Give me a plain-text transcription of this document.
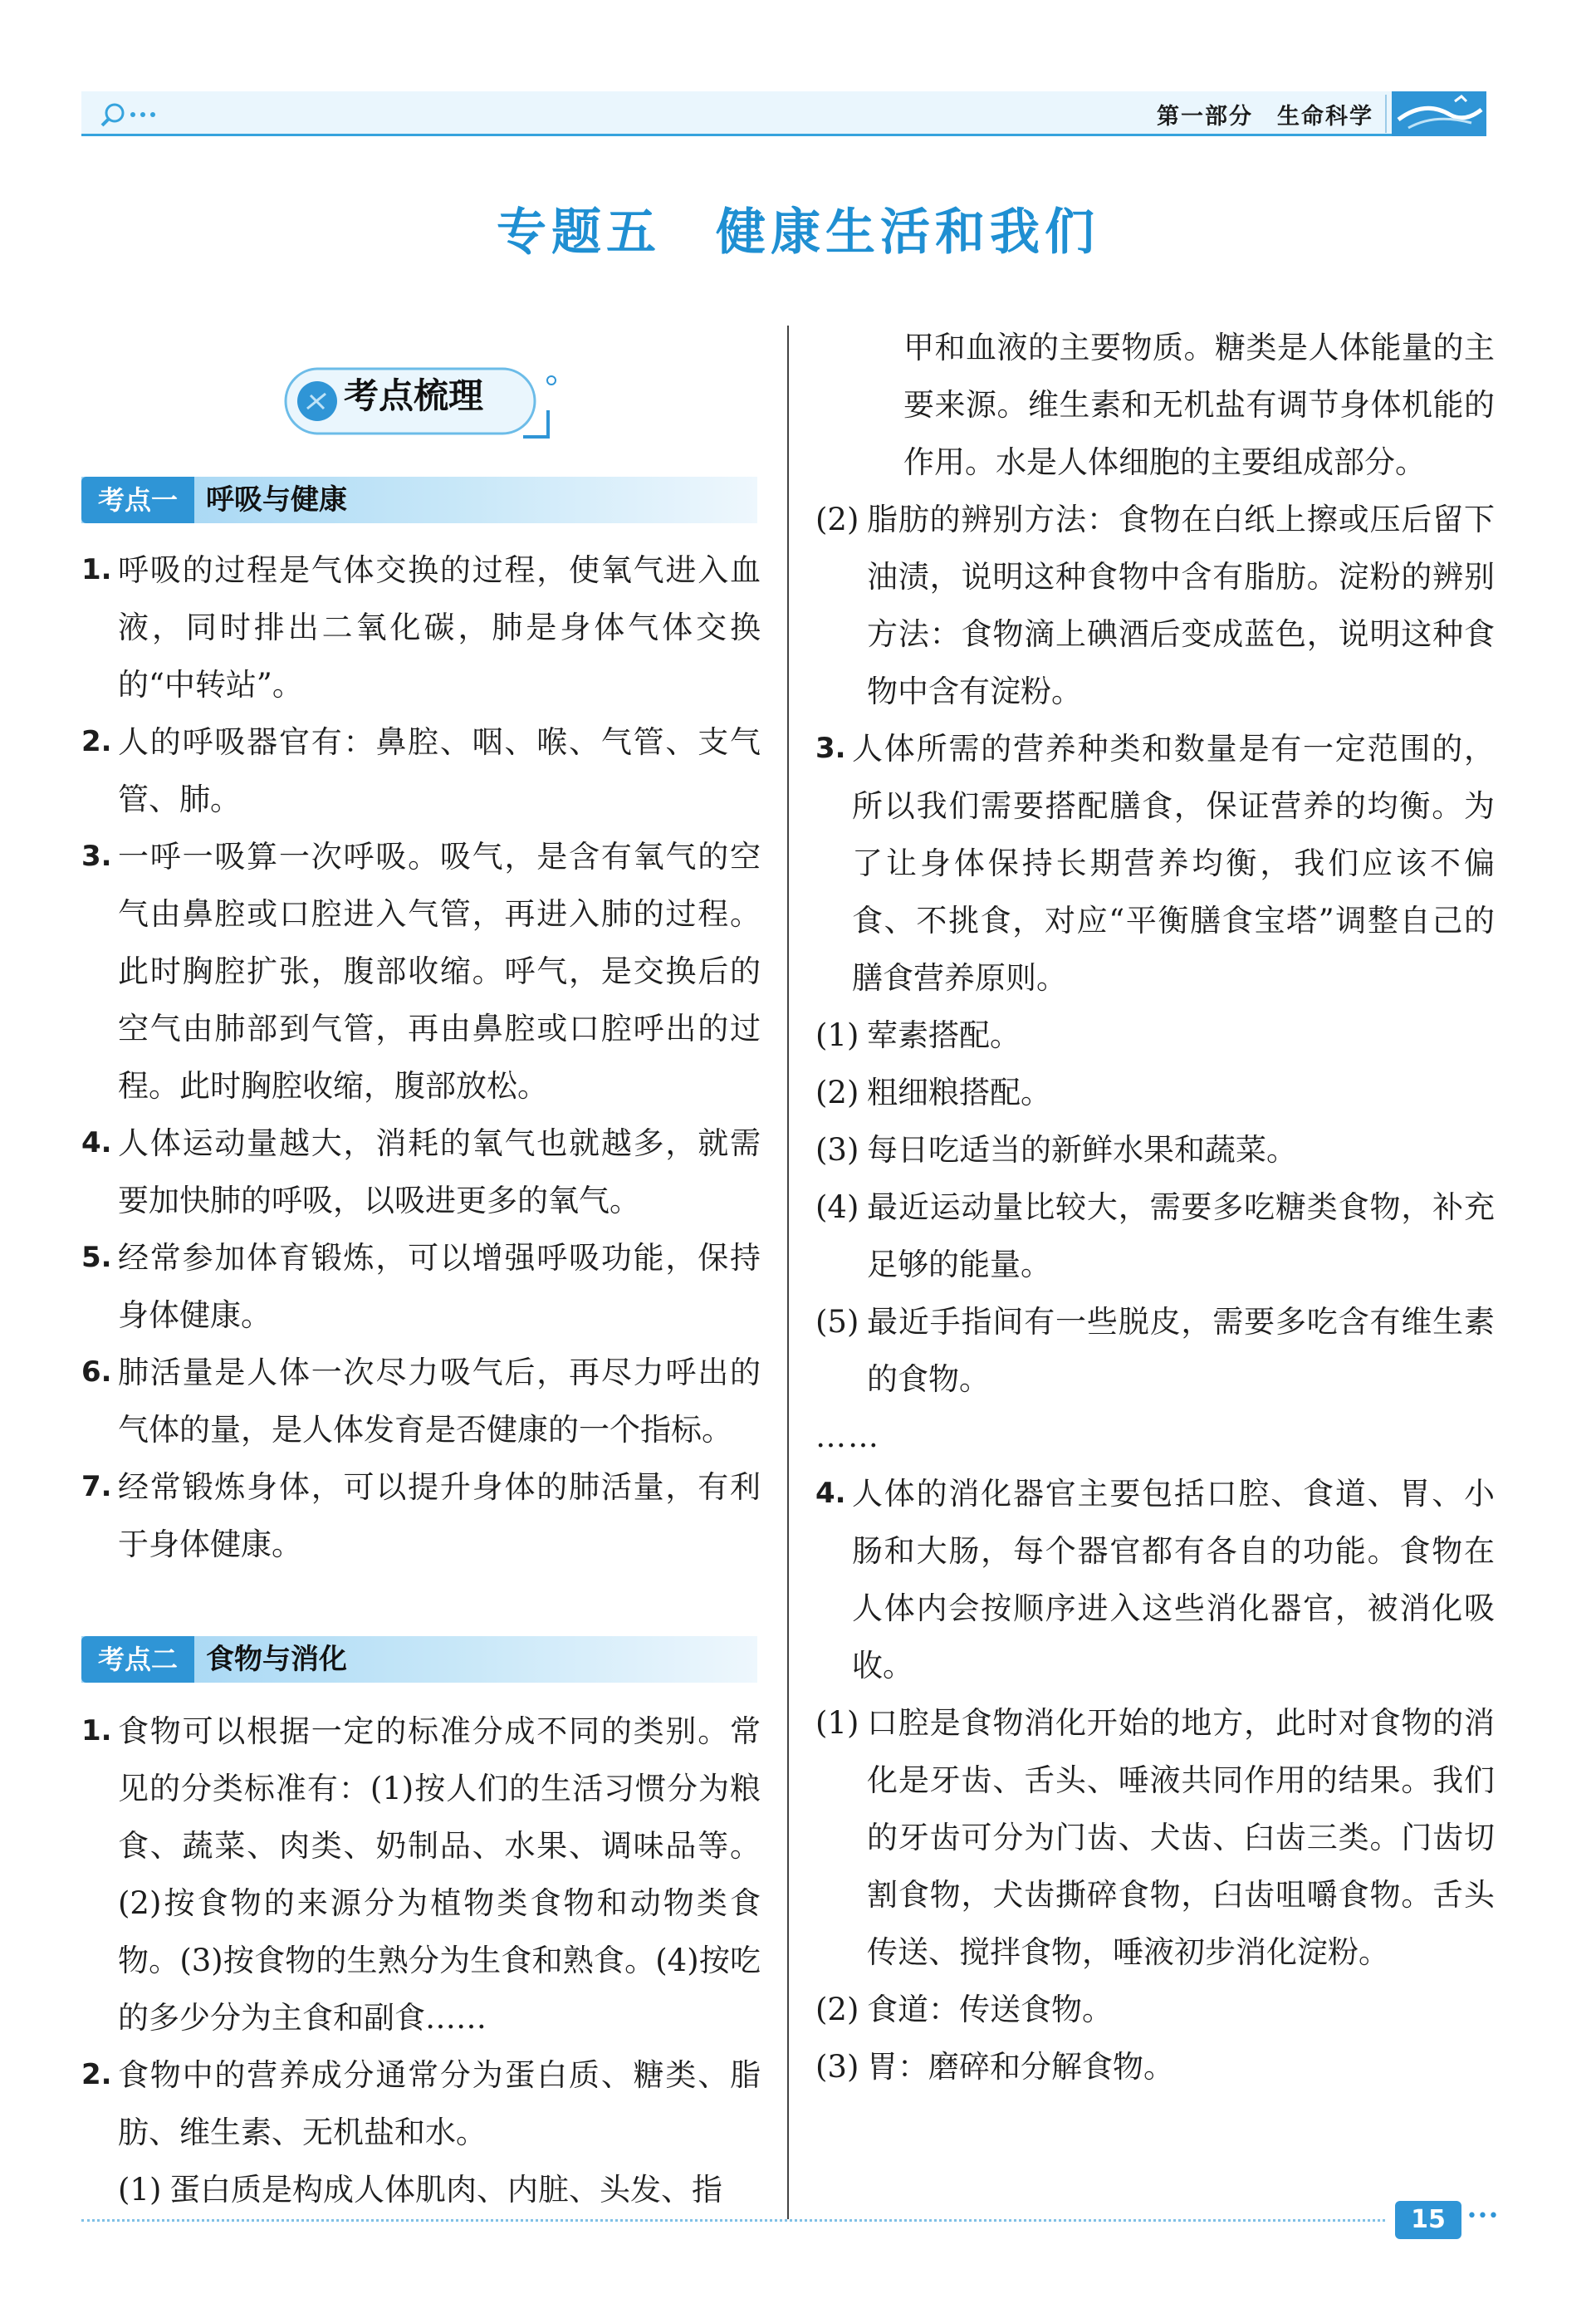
第一部分　生命科学
专题五　健康生活和我们
考点梳理
考点一	呼吸与健康
1. 呼吸的过程是气体交换的过程，使氧气进入血液，同时排出二氧化碳，肺是身体气体交换的“中转站”。
2. 人的呼吸器官有：鼻腔、咽、喉、气管、支气管、肺。
3. 一呼一吸算一次呼吸。吸气，是含有氧气的空气由鼻腔或口腔进入气管，再进入肺的过程。此时胸腔扩张，腹部收缩。呼气，是交换后的空气由肺部到气管，再由鼻腔或口腔呼出的过程。此时胸腔收缩，腹部放松。
4. 人体运动量越大，消耗的氧气也就越多，就需要加快肺的呼吸，以吸进更多的氧气。
5. 经常参加体育锻炼，可以增强呼吸功能，保持身体健康。
6. 肺活量是人体一次尽力吸气后，再尽力呼出的气体的量，是人体发育是否健康的一个指标。
7. 经常锻炼身体，可以提升身体的肺活量，有利于身体健康。
考点二	食物与消化
1. 食物可以根据一定的标准分成不同的类别。常见的分类标准有：(1)按人们的生活习惯分为粮食、蔬菜、肉类、奶制品、水果、调味品等。(2)按食物的来源分为植物类食物和动物类食物。(3)按食物的生熟分为生食和熟食。(4)按吃的多少分为主食和副食……
2. 食物中的营养成分通常分为蛋白质、糖类、脂肪、维生素、无机盐和水。
(1) 蛋白质是构成人体肌肉、内脏、头发、指
甲和血液的主要物质。糖类是人体能量的主要来源。维生素和无机盐有调节身体机能的作用。水是人体细胞的主要组成部分。
(2) 脂肪的辨别方法：食物在白纸上擦或压后留下油渍，说明这种食物中含有脂肪。淀粉的辨别方法：食物滴上碘酒后变成蓝色，说明这种食物中含有淀粉。
3. 人体所需的营养种类和数量是有一定范围的，所以我们需要搭配膳食，保证营养的均衡。为了让身体保持长期营养均衡，我们应该不偏食、不挑食，对应“平衡膳食宝塔”调整自己的膳食营养原则。
(1) 荤素搭配。
(2) 粗细粮搭配。
(3) 每日吃适当的新鲜水果和蔬菜。
(4) 最近运动量比较大，需要多吃糖类食物，补充足够的能量。
(5) 最近手指间有一些脱皮，需要多吃含有维生素的食物。
……
4. 人体的消化器官主要包括口腔、食道、胃、小肠和大肠，每个器官都有各自的功能。食物在人体内会按顺序进入这些消化器官，被消化吸收。
(1) 口腔是食物消化开始的地方，此时对食物的消化是牙齿、舌头、唾液共同作用的结果。我们的牙齿可分为门齿、犬齿、臼齿三类。门齿切割食物，犬齿撕碎食物，臼齿咀嚼食物。舌头传送、搅拌食物，唾液初步消化淀粉。
(2) 食道：传送食物。
(3) 胃：磨碎和分解食物。
15	•••
